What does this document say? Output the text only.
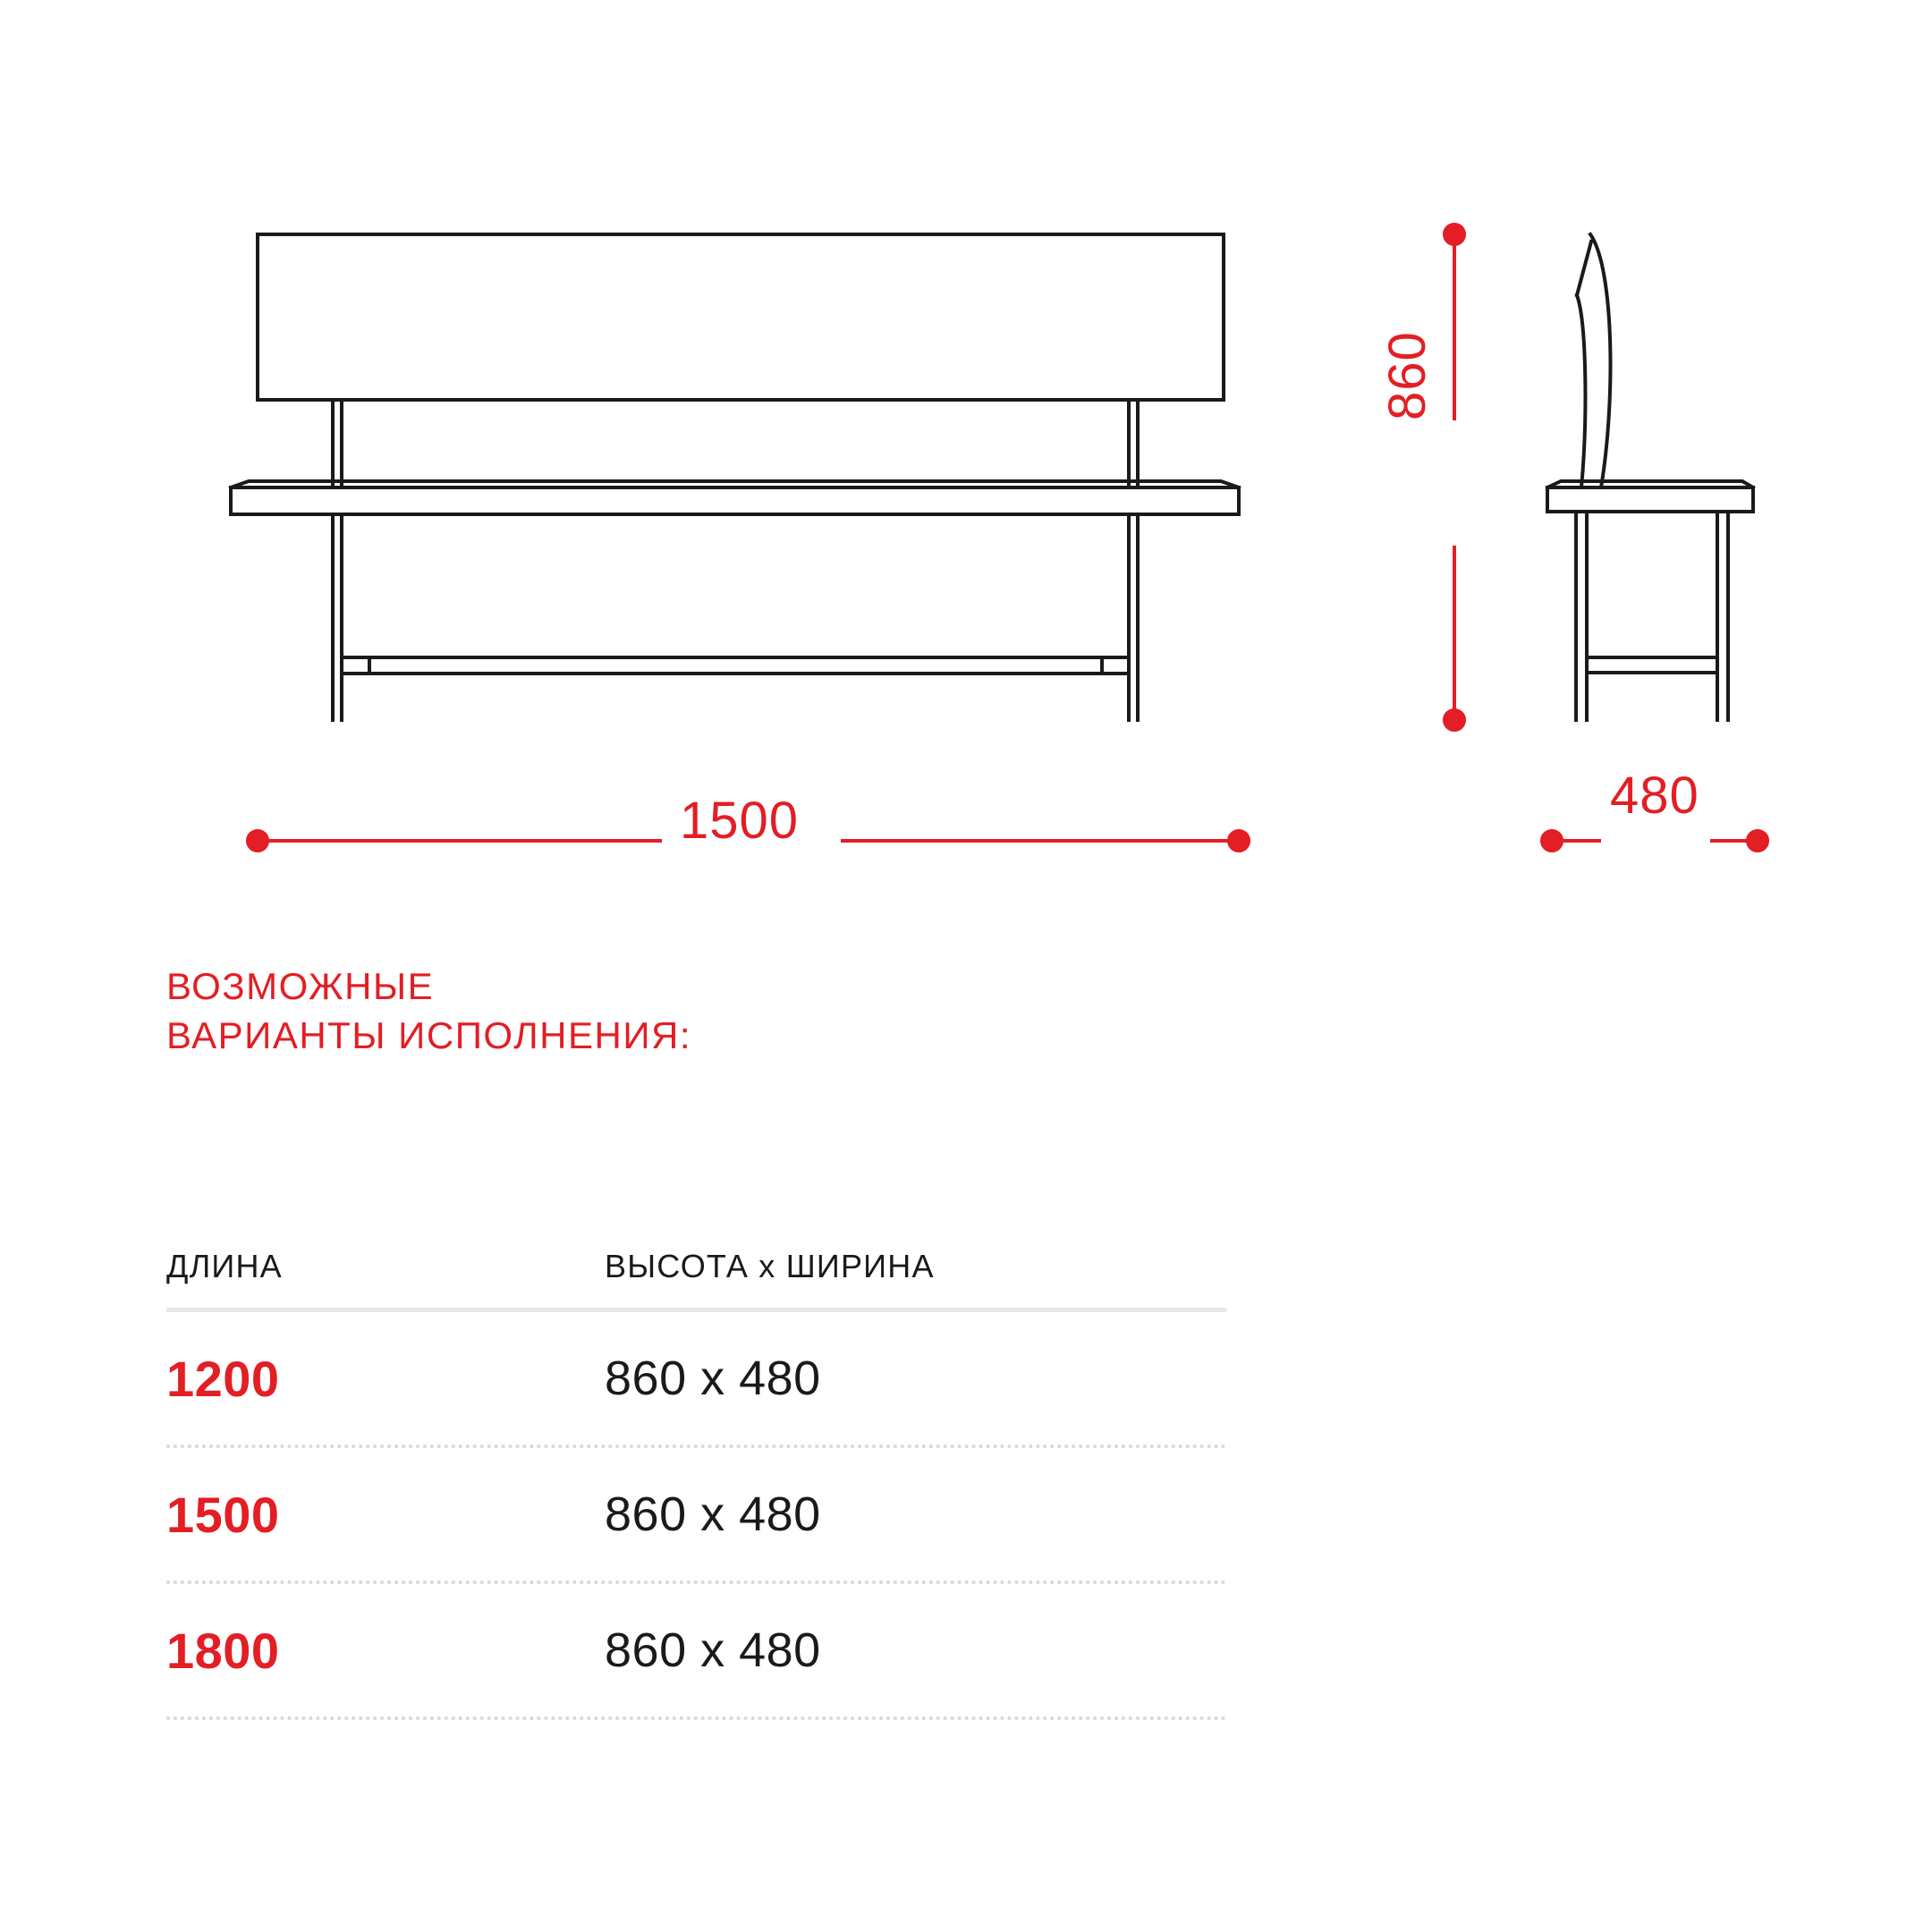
1500	480
860
ВОЗМОЖНЫЕ
ВАРИАНТЫ ИСПОЛНЕНИЯ:
ДЛИНА	ВЫСОТА х ШИРИНА
1200	860 х 480
1500	860 х 480
1800	860 х 480
